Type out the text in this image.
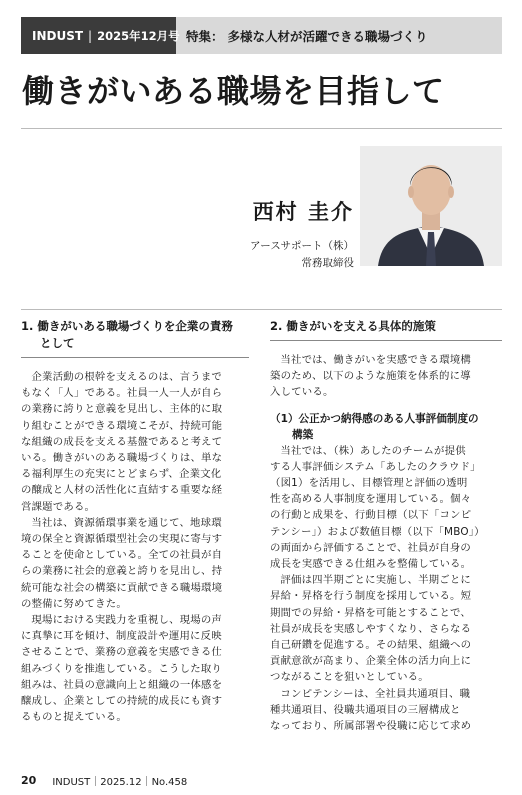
INDUST | 2025年12月号 特集： 多様な人材が活躍できる職場づくり
働きがいある職場を目指して
西村 圭介
アースサポート（株）
常務取締役
1. 働きがいある職場づくりを企業の責務
として

企業活動の根幹を支えるのは、言うまで
もなく「人」である。社員一人一人が自ら
の業務に誇りと意義を見出し、主体的に取
り組むことができる環境こそが、持続可能
な組織の成長を支える基盤であると考えて
いる。働きがいのある職場づくりは、単な
る福利厚生の充実にとどまらず、企業文化
の醸成と人材の活性化に直結する重要な経
営課題である。

当社は、資源循環事業を通じて、地球環
境の保全と資源循環型社会の実現に寄与す
ることを使命としている。全ての社員が自
らの業務に社会的意義と誇りを見出し、持
続可能な社会の構築に貢献できる職場環境
の整備に努めてきた。

現場における実践力を重視し、現場の声
に真摯に耳を傾け、制度設計や運用に反映
させることで、業務の意義を実感できる仕
組みづくりを推進している。こうした取り
組みは、社員の意識向上と組織の一体感を
醸成し、企業としての持続的成長にも資す
るものと捉えている。

2. 働きがいを支える具体的施策

当社では、働きがいを実感できる環境構
築のため、以下のような施策を体系的に導
入している。

（1）公正かつ納得感のある人事評価制度の
構築

当社では、（株）あしたのチームが提供
する人事評価システム「あしたのクラウド」
（図1）を活用し、目標管理と評価の透明
性を高める人事制度を運用している。個々
の行動と成果を、行動目標（以下「コンピ
テンシー」）および数値目標（以下「MBO」）
の両面から評価することで、社員が自身の
成長を実感できる仕組みを整備している。

評価は四半期ごとに実施し、半期ごとに
昇給・昇格を行う制度を採用している。短
期間での昇給・昇格を可能とすることで、
社員が成長を実感しやすくなり、さらなる
自己研鑽を促進する。その結果、組織への
貢献意欲が高まり、企業全体の活力向上に
つながることを狙いとしている。

コンピテンシーは、全社員共通項目、職
種共通項目、役職共通項目の三層構成と
なっており、所属部署や役職に応じて求め

20 INDUST｜2025.12｜No.458
